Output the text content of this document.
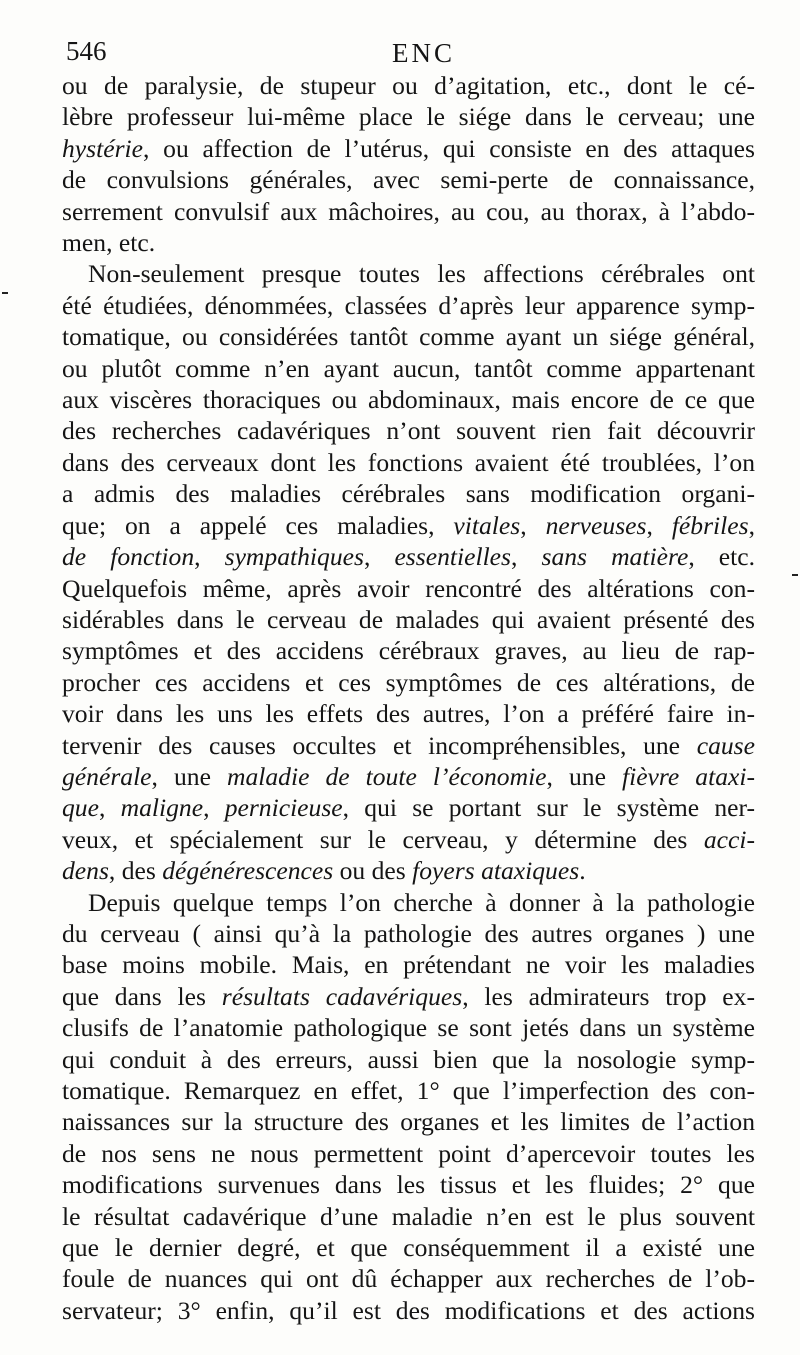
546	ENC

ou de paralysie, de stupeur ou d’agitation, etc., dont le cé-
lèbre professeur lui-même place le siége dans le cerveau; une
hystérie, ou affection de l’utérus, qui consiste en des attaques
de convulsions générales, avec semi-perte de connaissance,
serrement convulsif aux mâchoires, au cou, au thorax, à l’abdo-
men, etc.

Non-seulement presque toutes les affections cérébrales ont
été étudiées, dénommées, classées d’après leur apparence symp-
tomatique, ou considérées tantôt comme ayant un siége général,
ou plutôt comme n’en ayant aucun, tantôt comme appartenant
aux viscères thoraciques ou abdominaux, mais encore de ce que
des recherches cadavériques n’ont souvent rien fait découvrir
dans des cerveaux dont les fonctions avaient été troublées, l’on
a admis des maladies cérébrales sans modification organi-
que; on a appelé ces maladies, vitales, nerveuses, fébriles,
de fonction, sympathiques, essentielles, sans matière, etc.
Quelquefois même, après avoir rencontré des altérations con-
sidérables dans le cerveau de malades qui avaient présenté des
symptômes et des accidens cérébraux graves, au lieu de rap-
procher ces accidens et ces symptômes de ces altérations, de
voir dans les uns les effets des autres, l’on a préféré faire in-
tervenir des causes occultes et incompréhensibles, une cause
générale, une maladie de toute l’économie, une fièvre ataxi-
que, maligne, pernicieuse, qui se portant sur le système ner-
veux, et spécialement sur le cerveau, y détermine des acci-
dens, des dégénérescences ou des foyers ataxiques.

Depuis quelque temps l’on cherche à donner à la pathologie
du cerveau ( ainsi qu’à la pathologie des autres organes ) une
base moins mobile. Mais, en prétendant ne voir les maladies
que dans les résultats cadavériques, les admirateurs trop ex-
clusifs de l’anatomie pathologique se sont jetés dans un système
qui conduit à des erreurs, aussi bien que la nosologie symp-
tomatique. Remarquez en effet, 1° que l’imperfection des con-
naissances sur la structure des organes et les limites de l’action
de nos sens ne nous permettent point d’apercevoir toutes les
modifications survenues dans les tissus et les fluides; 2° que
le résultat cadavérique d’une maladie n’en est le plus souvent
que le dernier degré, et que conséquemment il a existé une
foule de nuances qui ont dû échapper aux recherches de l’ob-
servateur; 3° enfin, qu’il est des modifications et des actions
